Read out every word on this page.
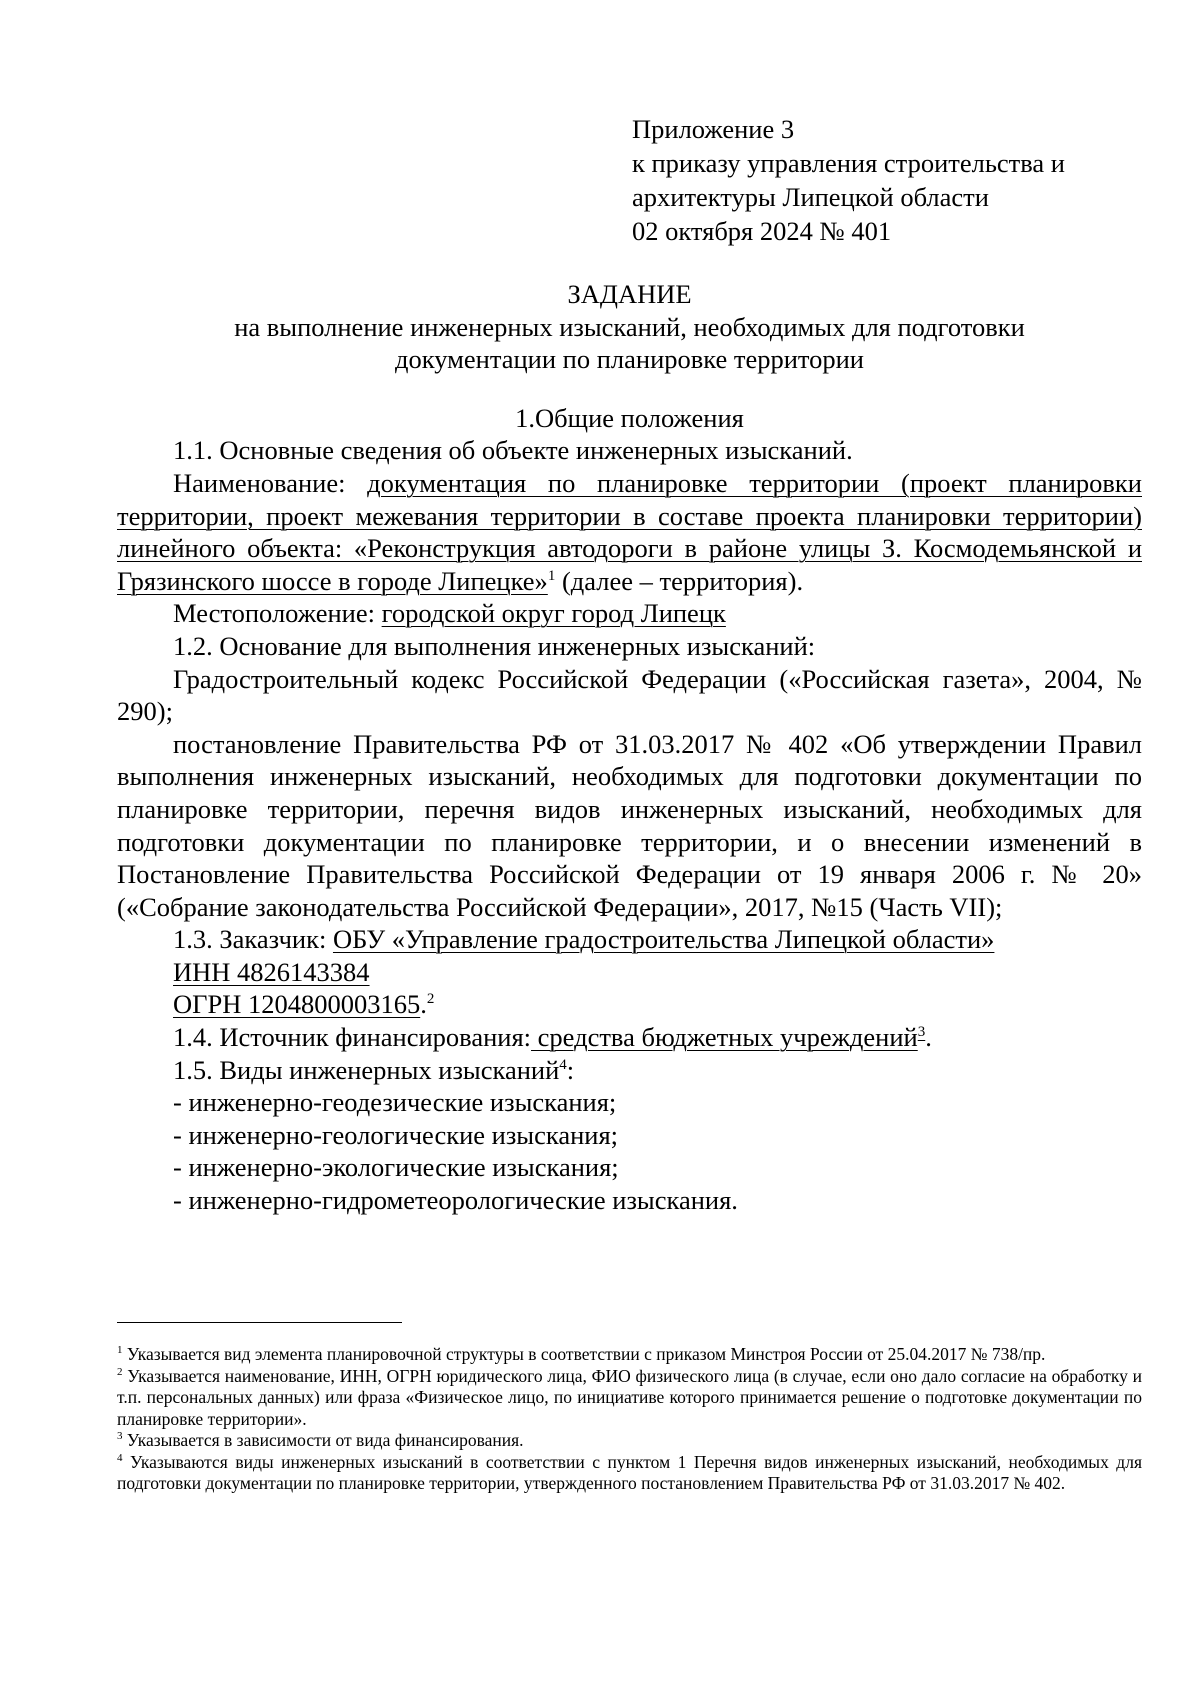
Приложение 3
к приказу управления строительства и
архитектуры Липецкой области
02 октября 2024 № 401
ЗАДАНИЕ
на выполнение инженерных изысканий, необходимых для подготовки
документации по планировке территории
1.Общие положения
1.1. Основные сведения об объекте инженерных изысканий.
Наименование: документация по планировке территории (проект планировки территории, проект межевания территории в составе проекта планировки территории) линейного объекта: «Реконструкция автодороги в районе улицы З. Космодемьянской и Грязинского шоссе в городе Липецке»$^1$ (далее – территория).
Местоположение: городской округ город Липецк
1.2. Основание для выполнения инженерных изысканий:
Градостроительный кодекс Российской Федерации («Российская газета», 2004, № 290);
постановление Правительства РФ от 31.03.2017 № 402 «Об утверждении Правил выполнения инженерных изысканий, необходимых для подготовки документации по планировке территории, перечня видов инженерных изысканий, необходимых для подготовки документации по планировке территории, и о внесении изменений в Постановление Правительства Российской Федерации от 19 января 2006 г. № 20» («Собрание законодательства Российской Федерации», 2017, №15 (Часть VII);
1.3. Заказчик: ОБУ «Управление градостроительства Липецкой области»
ИНН 4826143384
ОГРН 1204800003165.$^2$
1.4. Источник финансирования: средства бюджетных учреждений$^3$.
1.5. Виды инженерных изысканий$^4$:
- инженерно-геодезические изыскания;
- инженерно-геологические изыскания;
- инженерно-экологические изыскания;
- инженерно-гидрометеорологические изыскания.
$^1$ Указывается вид элемента планировочной структуры в соответствии с приказом Минстроя России от 25.04.2017 № 738/пр.
$^2$ Указывается наименование, ИНН, ОГРН юридического лица, ФИО физического лица (в случае, если оно дало согласие на обработку и т.п. персональных данных) или фраза «Физическое лицо, по инициативе которого принимается решение о подготовке документации по планировке территории».
$^3$ Указывается в зависимости от вида финансирования.
$^4$ Указываются виды инженерных изысканий в соответствии с пунктом 1 Перечня видов инженерных изысканий, необходимых для подготовки документации по планировке территории, утвержденного постановлением Правительства РФ от 31.03.2017 № 402.
